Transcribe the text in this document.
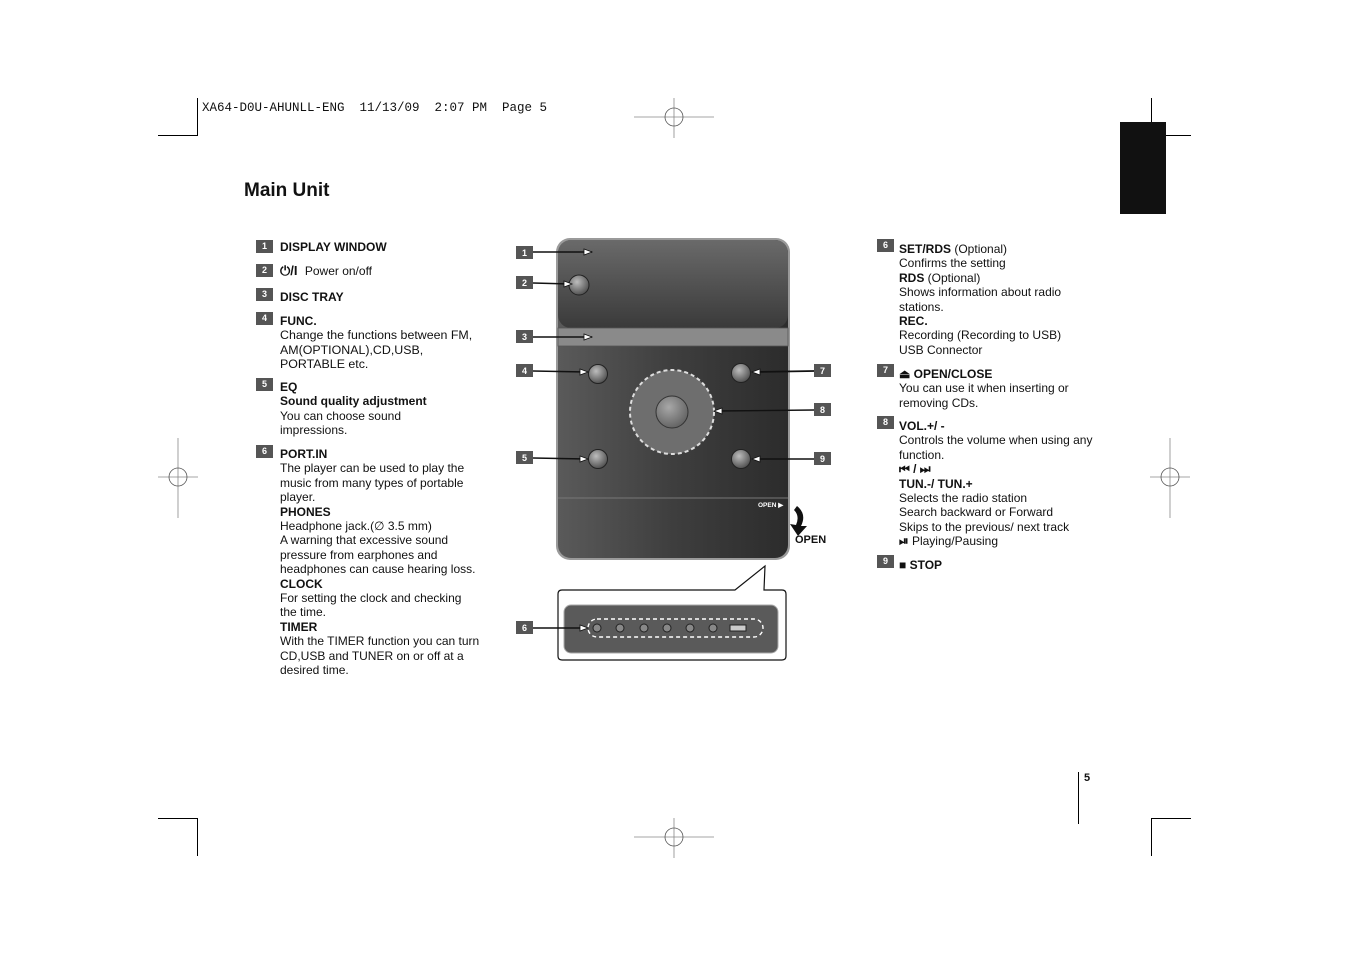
XA64-D0U-AHUNLL-ENG  11/13/09  2:07 PM  Page 5
Main Unit
5
1	DISPLAY WINDOW
2	⏻/I Power on/off
3	DISC TRAY
4	FUNC.
Change the functions between FM, AM(OPTIONAL),CD,USB, PORTABLE etc.
5	EQ
Sound quality adjustment
You can choose sound impressions.
6	PORT.IN
The player can be used to play the music from many types of portable player.
PHONES
Headphone jack.(∅ 3.5 mm)
A warning that excessive sound pressure from earphones and headphones can cause hearing loss.
CLOCK
For setting the clock and checking the time.
TIMER
With the TIMER function you can turn CD,USB and TUNER on or off at a desired time.
6 SET/RDS (Optional)
Confirms the setting
RDS (Optional)
Shows information about radio stations.
REC.
Recording (Recording to USB)
USB Connector
7 ⏏ OPEN/CLOSE
You can use it when inserting or removing CDs.
8 VOL.+/ -
Controls the volume when using any function.
⏮ / ⏭
TUN.-/ TUN.+
Selects the radio station
Search backward or Forward
Skips to the previous/ next track
⏯ Playing/Pausing
9 ■ STOP
OPEN ▶
OPEN
1
2
3
4
5
6
7
8
9
